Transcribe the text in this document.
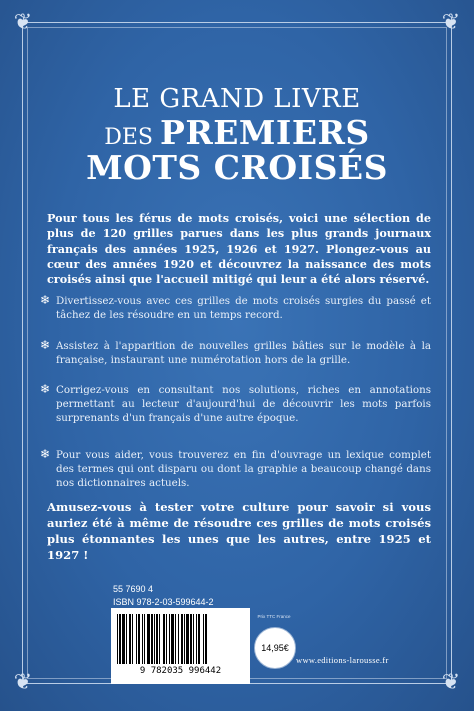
❦	❦
❦	❦
LE GRAND LIVRE
DES PREMIERS
MOTS CROISÉS
Pour tous les férus de mots croisés, voici une sélection de plus de 120 grilles parues dans les plus grands journaux français des années 1925, 1926 et 1927. Plongez-vous au cœur des années 1920 et découvrez la naissance des mots croisés ainsi que l'accueil mitigé qui leur a été alors réservé.
❄ Divertissez-vous avec ces grilles de mots croisés surgies du passé et tâchez de les résoudre en un temps record.
❄ Assistez à l'apparition de nouvelles grilles bâties sur le modèle à la française, instaurant une numérotation hors de la grille.
❄ Corrigez-vous en consultant nos solutions, riches en annotations permettant au lecteur d'aujourd'hui de découvrir les mots parfois surprenants d'un français d'une autre époque.
❄ Pour vous aider, vous trouverez en fin d'ouvrage un lexique complet des termes qui ont disparu ou dont la graphie a beaucoup changé dans nos dictionnaires actuels.
Amusez-vous à tester votre culture pour savoir si vous auriez été à même de résoudre ces grilles de mots croisés plus étonnantes les unes que les autres, entre 1925 et 1927 !
55 7690 4
ISBN 978-2-03-599644-2
9 782035 996442
Prix TTC France
14,95€
www.editions-larousse.fr
